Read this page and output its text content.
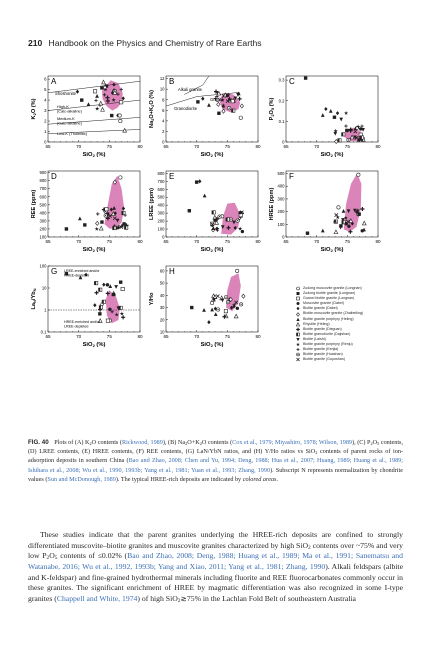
210 Handbook on the Physics and Chemistry of Rare Earths
65	70	75	80
0
1
2
3
4
5
6
SiO$_2$ (%)
$K_2O$ (%)
A
Shoshonite
High-K
(Calc-alkaline)
Medium-K
(Calc-alkaline)
Low-K (Tholeiitic)
65	70	75	80
0
2
4
6
8
10
12
SiO$_2$ (%)
$Na_2O+K_2O$ (%)
B
Alkali granite
Granite
Granodiorite
65	70	75	80
0
0.1
0.2
0.3
SiO$_2$ (%)
$P_2O_5$ (%)
C
65	70	75	80
100
200
300
400
500
600
700
800
900
SiO$_2$ (%)
REE (ppm)
D
65	70	75	80
0
100
200
300
400
500
600
700
800
SiO$_2$ (%)
LREE (ppm)
E
65	70	75	80
0
100
200
300
400
500
SiO$_2$ (%)
HREE (ppm)
F
65	70	75	80
0.1
1
10
100
SiO$_2$ (%)
$La_N/Yb_N$
G LREE-enriched and/or
HREE-depleted
HREE-enriched and/or
LREE-depleted
65	70	75	80
10
20
30
40
50
60
SiO$_2$ (%)
Y/Ho
H
Zudong muscovite granite (Longnan)
Zudong biotite granite (Longnan)
Guanxi biotite granite (Longnan)
Muscovite granite (Dabei)
Biotite granite (Dabei)
Biotite-muscovite granite (Zhaibeiling)
Biotite granite porphyry (Heling)
Rhyolite (Heling)
Biotite granite (Dieguan)
Biotite granodiorite (Dajishan)
Biotite (Laishi)
Biotite granite porphyry (Renju)
Biotite granite (Kenjia)
Biotite granite (Huashan)
Biotite granite (Guposhan)
FIG. 40 Plots of (A) $K_2O$ contents (Rickwood, 1989), (B) $Na_2O+K_2O$ contents (Cox et al., 1979; Miyashiro, 1978; Wilson, 1989), (C) $P_2O_5$ contents, (D) LREE contents, (E) HREE contents, (F) REE contents, (G) LaN/YbN ratios, and (H) Y/Ho ratios vs SiO$_2$ contents of parent rocks of ion-adsorption deposits in southern China (Bao and Zhao, 2008; Chen and Yu, 1994; Deng, 1988; Hua et al., 2007; Huang, 1989; Huang et al., 1989; Ishihara et al., 2008; Wu et al., 1990, 1993b; Yang et al., 1981; Yuan et al., 1993; Zhang, 1990). Subscript N represents normalization by chondrite values (Sun and McDonough, 1989). The typical HREE-rich deposits are indicated by colored areas.
These studies indicate that the parent granites underlying the HREE-rich deposits are confined to strongly differentiated muscovite–biotite granites and muscovite granites characterized by high SiO$_2$ contents over ~75% and very low $P_2O_5$ contents of ≤0.02% (Bao and Zhao, 2008; Deng, 1988; Huang et al., 1989; Ma et al., 1991; Sanematsu and Watanabe, 2016; Wu et al., 1992, 1993b; Yang and Xiao, 2011; Yang et al., 1981; Zhang, 1990). Alkali feldspars (albite and K-feldspar) and fine-grained hydrothermal minerals including fluorite and REE fluorocarbonates commonly occur in these granites. The significant enrichment of HREE by magmatic differentiation was also recognized in some I-type granites (Chappell and White, 1974) of high SiO$_2$≳75% in the Lachlan Fold Belt of southeastern Australia
